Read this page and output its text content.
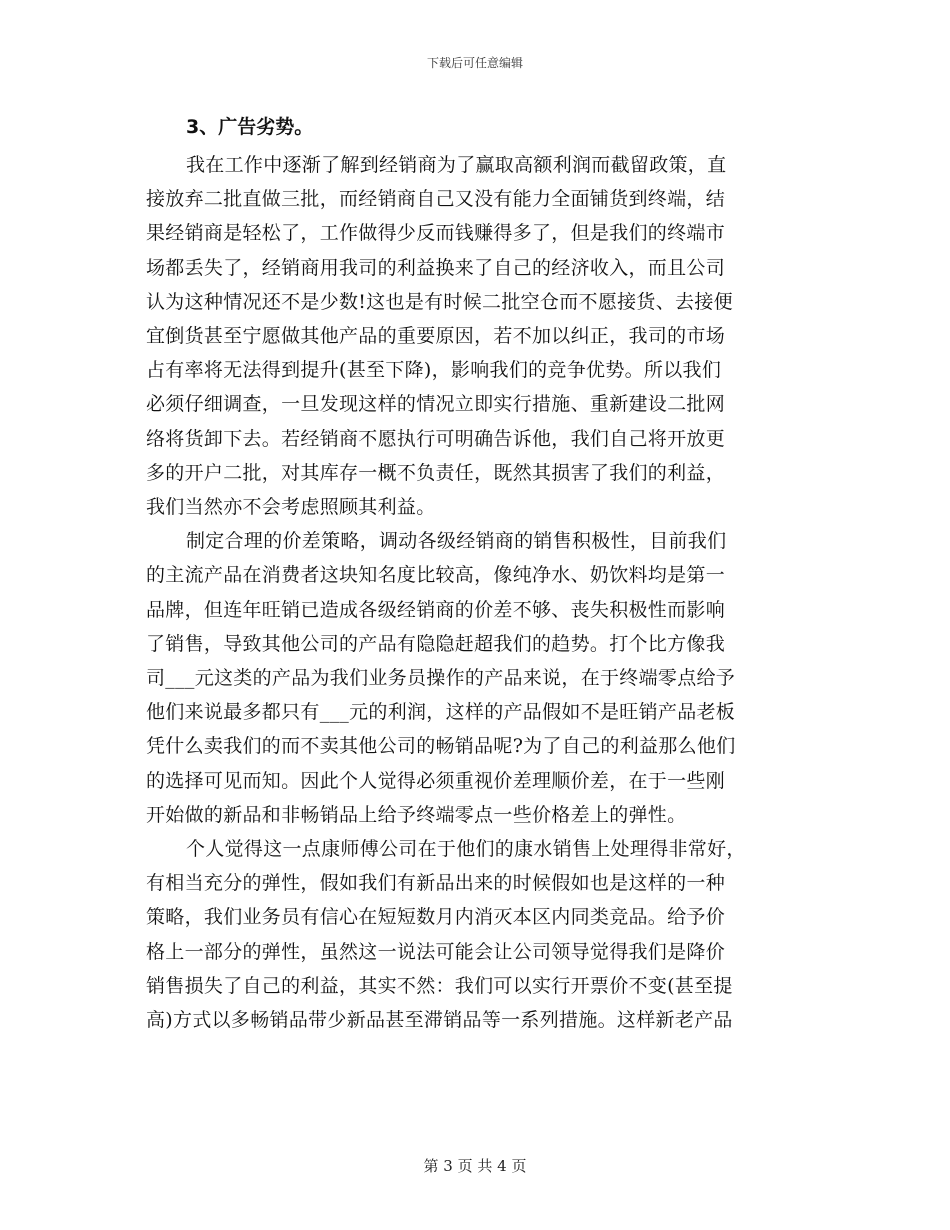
下载后可任意编辑
3、广告劣势。
我在工作中逐渐了解到经销商为了赢取高额利润而截留政策，直
接放弃二批直做三批，而经销商自己又没有能力全面铺货到终端，结
果经销商是轻松了，工作做得少反而钱赚得多了，但是我们的终端市
场都丢失了，经销商用我司的利益换来了自己的经济收入，而且公司
认为这种情况还不是少数!这也是有时候二批空仓而不愿接货、去接便
宜倒货甚至宁愿做其他产品的重要原因，若不加以纠正，我司的市场
占有率将无法得到提升(甚至下降)，影响我们的竞争优势。所以我们
必须仔细调查，一旦发现这样的情况立即实行措施、重新建设二批网
络将货卸下去。若经销商不愿执行可明确告诉他，我们自己将开放更
多的开户二批，对其库存一概不负责任，既然其损害了我们的利益，
我们当然亦不会考虑照顾其利益。
制定合理的价差策略，调动各级经销商的销售积极性，目前我们
的主流产品在消费者这块知名度比较高，像纯净水、奶饮料均是第一
品牌，但连年旺销已造成各级经销商的价差不够、丧失积极性而影响
了销售，导致其他公司的产品有隐隐赶超我们的趋势。打个比方像我
司___元这类的产品为我们业务员操作的产品来说，在于终端零点给予
他们来说最多都只有___元的利润，这样的产品假如不是旺销产品老板
凭什么卖我们的而不卖其他公司的畅销品呢?为了自己的利益那么他们
的选择可见而知。因此个人觉得必须重视价差理顺价差，在于一些刚
开始做的新品和非畅销品上给予终端零点一些价格差上的弹性。
个人觉得这一点康师傅公司在于他们的康水销售上处理得非常好，
有相当充分的弹性，假如我们有新品出来的时候假如也是这样的一种
策略，我们业务员有信心在短短数月内消灭本区内同类竞品。给予价
格上一部分的弹性，虽然这一说法可能会让公司领导觉得我们是降价
销售损失了自己的利益，其实不然：我们可以实行开票价不变(甚至提
高)方式以多畅销品带少新品甚至滞销品等一系列措施。这样新老产品
第 3 页 共 4 页
